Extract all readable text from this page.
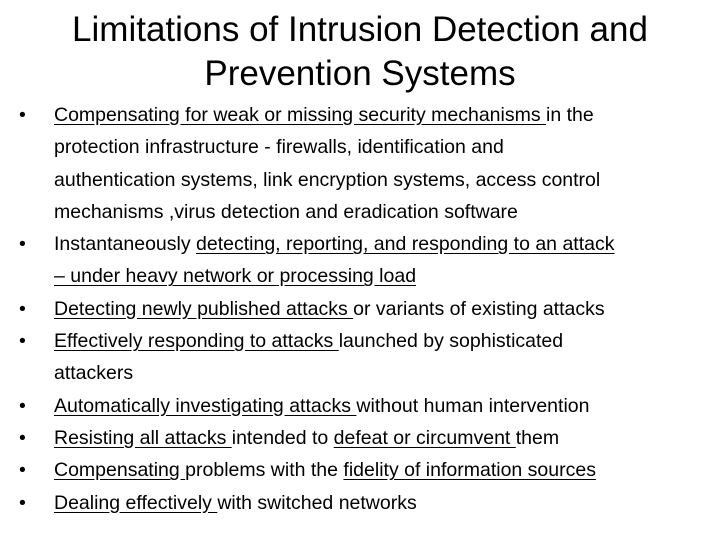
Limitations of Intrusion Detection and
Prevention Systems
•
Compensating for weak or missing security mechanisms in the
protection infrastructure - firewalls, identification and
authentication systems, link encryption systems, access control
mechanisms ,virus detection and eradication software
•
Instantaneously detecting, reporting, and responding to an attack
– under heavy network or processing load
•
Detecting newly published attacks or variants of existing attacks
•
Effectively responding to attacks launched by sophisticated
attackers
•
Automatically investigating attacks without human intervention
•
Resisting all attacks intended to defeat or circumvent them
•
Compensating problems with the fidelity of information sources
•
Dealing effectively with switched networks
